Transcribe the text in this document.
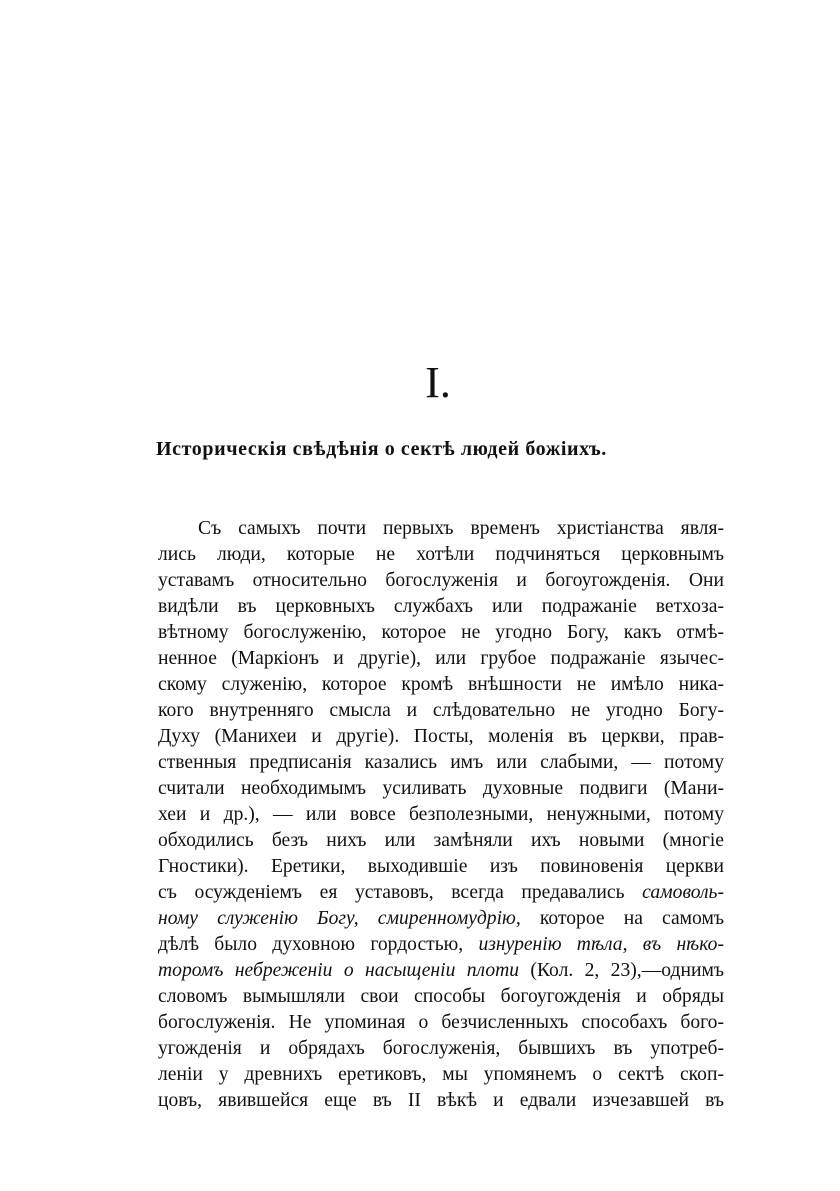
I.
Историческія свѣдѣнія о сектѣ людей божіихъ.
Съ самыхъ почти первыхъ временъ христіанства явля-
лись люди, которые не хотѣли подчиняться церковнымъ
уставамъ относительно богослуженія и богоугожденія. Они
видѣли въ церковныхъ службахъ или подражаніе ветхоза-
вѣтному богослуженію, которое не угодно Богу, какъ отмѣ-
ненное (Маркіонъ и другіе), или грубое подражаніе язычес-
скому служенію, которое кромѣ внѣшности не имѣло ника-
кого внутренняго смысла и слѣдовательно не угодно Богу-
Духу (Манихеи и другіе). Посты, моленія въ церкви, прав-
ственныя предписанія казались имъ или слабыми, — потому
считали необходимымъ усиливать духовные подвиги (Мани-
хеи и др.), — или вовсе безполезными, ненужными, потому
обходились безъ нихъ или замѣняли ихъ новыми (многіе
Гностики). Еретики, выходившіе изъ повиновенія церкви
съ осужденіемъ ея уставовъ, всегда предавались самоволь-
ному служенію Богу, смиренномудрію, которое на самомъ
дѣлѣ было духовною гордостью, изнуренію тѣла, въ нѣко-
торомъ небреженіи о насыщеніи плоти (Кол. 2, 23),—однимъ
словомъ вымышляли свои способы богоугожденія и обряды
богослуженія. Не упоминая о безчисленныхъ способахъ бого-
угожденія и обрядахъ богослуженія, бывшихъ въ употреб-
леніи у древнихъ еретиковъ, мы упомянемъ о сектѣ скоп-
цовъ, явившейся еще въ II вѣкѣ и едвали изчезавшей въ
